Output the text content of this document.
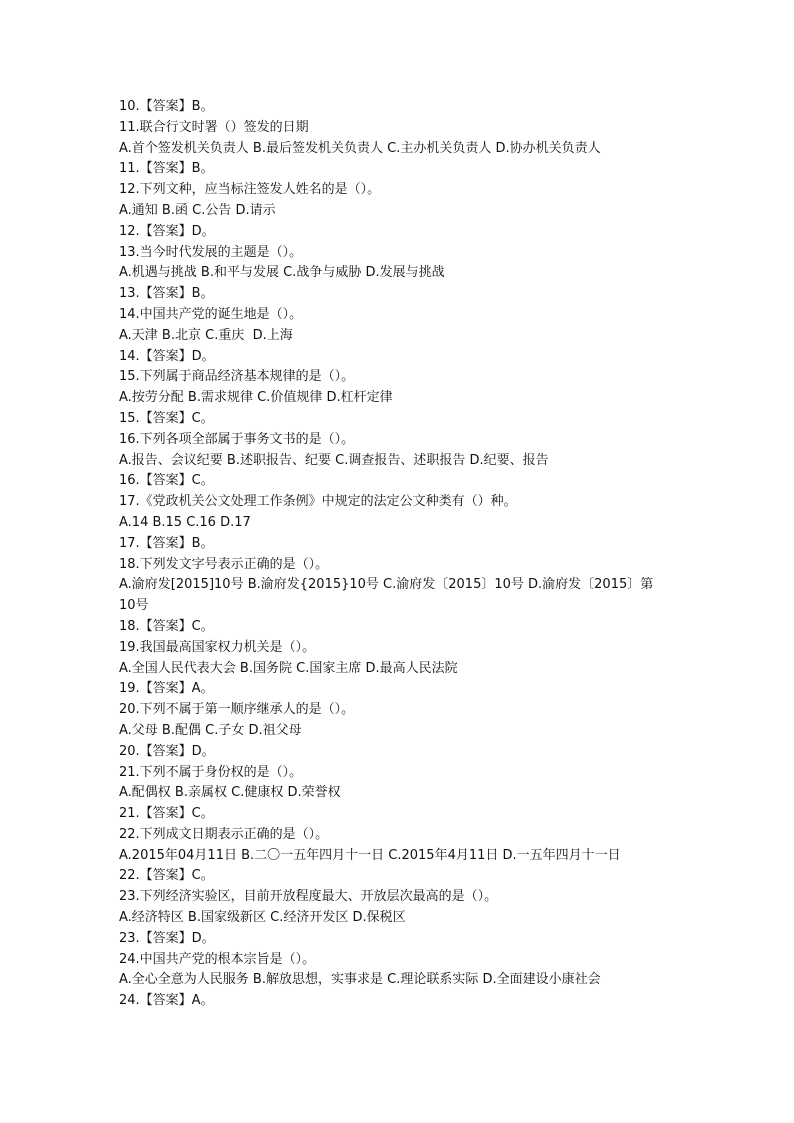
10.【答案】B。
11.联合行文时署（）签发的日期
A.首个签发机关负责人 B.最后签发机关负责人 C.主办机关负责人 D.协办机关负责人
11.【答案】B。
12.下列文种，应当标注签发人姓名的是（）。
A.通知 B.函 C.公告 D.请示
12.【答案】D。
13.当今时代发展的主题是（）。
A.机遇与挑战 B.和平与发展 C.战争与威胁 D.发展与挑战
13.【答案】B。
14.中国共产党的诞生地是（）。
A.天津 B.北京 C.重庆  D.上海
14.【答案】D。
15.下列属于商品经济基本规律的是（）。
A.按劳分配 B.需求规律 C.价值规律 D.杠杆定律
15.【答案】C。
16.下列各项全部属于事务文书的是（）。
A.报告、会议纪要 B.述职报告、纪要 C.调查报告、述职报告 D.纪要、报告
16.【答案】C。
17.《党政机关公文处理工作条例》中规定的法定公文种类有（）种。
A.14 B.15 C.16 D.17
17.【答案】B。
18.下列发文字号表示正确的是（）。
A.渝府发[2015]10号 B.渝府发{2015}10号 C.渝府发〔2015〕10号 D.渝府发〔2015〕第
10号
18.【答案】C。
19.我国最高国家权力机关是（）。
A.全国人民代表大会 B.国务院 C.国家主席 D.最高人民法院
19.【答案】A。
20.下列不属于第一顺序继承人的是（）。
A.父母 B.配偶 C.子女 D.祖父母
20.【答案】D。
21.下列不属于身份权的是（）。
A.配偶权 B.亲属权 C.健康权 D.荣誉权
21.【答案】C。
22.下列成文日期表示正确的是（）。
A.2015年04月11日 B.二〇一五年四月十一日 C.2015年4月11日 D.一五年四月十一日
22.【答案】C。
23.下列经济实验区，目前开放程度最大、开放层次最高的是（）。
A.经济特区 B.国家级新区 C.经济开发区 D.保税区
23.【答案】D。
24.中国共产党的根本宗旨是（）。
A.全心全意为人民服务 B.解放思想，实事求是 C.理论联系实际 D.全面建设小康社会
24.【答案】A。
